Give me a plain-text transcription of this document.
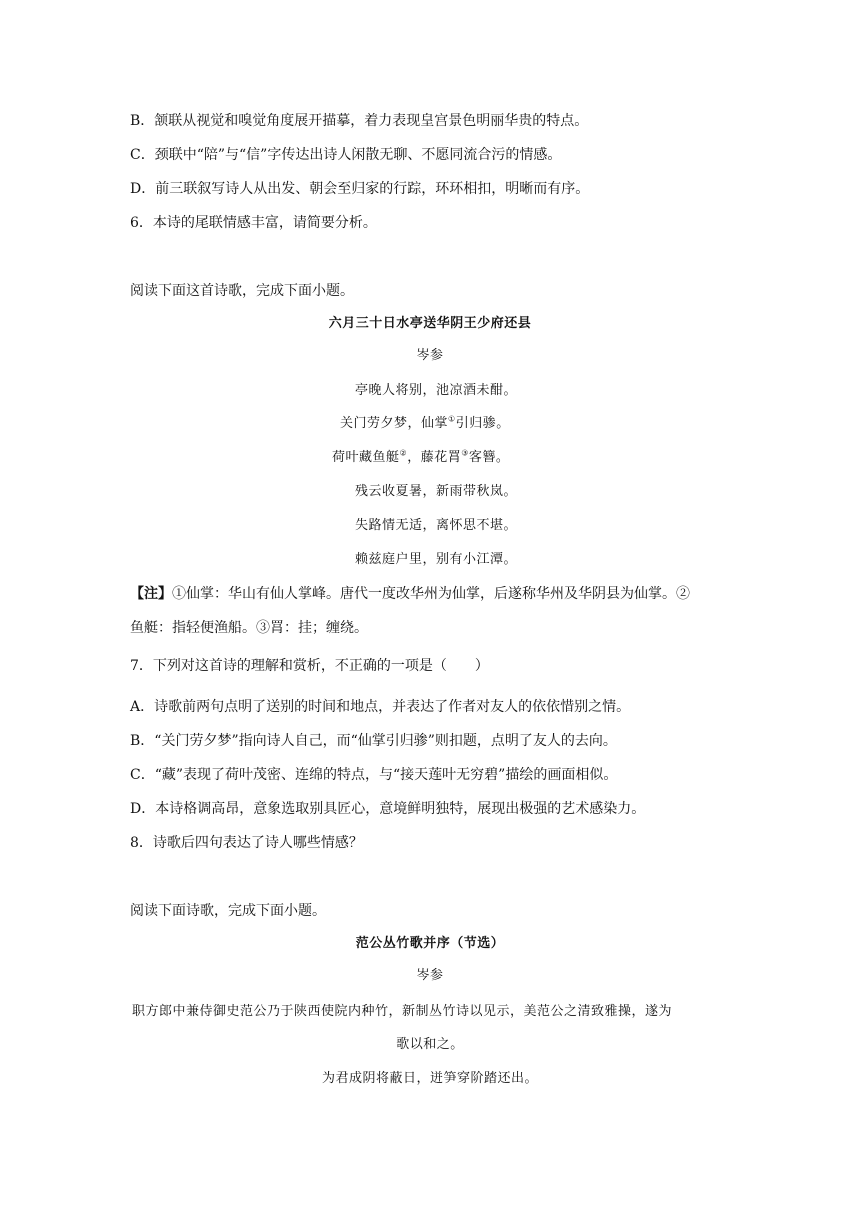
B．颔联从视觉和嗅觉角度展开描摹，着力表现皇宫景色明丽华贵的特点。
C．颈联中“陪”与“信”字传达出诗人闲散无聊、不愿同流合污的情感。
D．前三联叙写诗人从出发、朝会至归家的行踪，环环相扣，明晰而有序。
6．本诗的尾联情感丰富，请简要分析。
阅读下面这首诗歌，完成下面小题。
六月三十日水亭送华阴王少府还县
岑参
亭晚人将别，池凉酒未酣。
关门劳夕梦，仙掌①引归骖。
荷叶藏鱼艇②，藤花罥③客簪。
残云收夏暑，新雨带秋岚。
失路情无适，离怀思不堪。
赖兹庭户里，别有小江潭。
【注】①仙掌：华山有仙人掌峰。唐代一度改华州为仙掌，后遂称华州及华阴县为仙掌。②
鱼艇：指轻便渔船。③罥：挂；缠绕。
7．下列对这首诗的理解和赏析，不正确的一项是（　　）
A．诗歌前两句点明了送别的时间和地点，并表达了作者对友人的依依惜别之情。
B．“关门劳夕梦”指向诗人自己，而“仙掌引归骖”则扣题，点明了友人的去向。
C．“藏”表现了荷叶茂密、连绵的特点，与“接天莲叶无穷碧”描绘的画面相似。
D．本诗格调高昂，意象选取别具匠心，意境鲜明独特，展现出极强的艺术感染力。
8．诗歌后四句表达了诗人哪些情感？
阅读下面诗歌，完成下面小题。
范公丛竹歌并序（节选）
岑参
职方郎中兼侍御史范公乃于陕西使院内种竹，新制丛竹诗以见示，美范公之清致雅操，遂为
歌以和之。
为君成阴将蔽日，迸笋穿阶踏还出。
